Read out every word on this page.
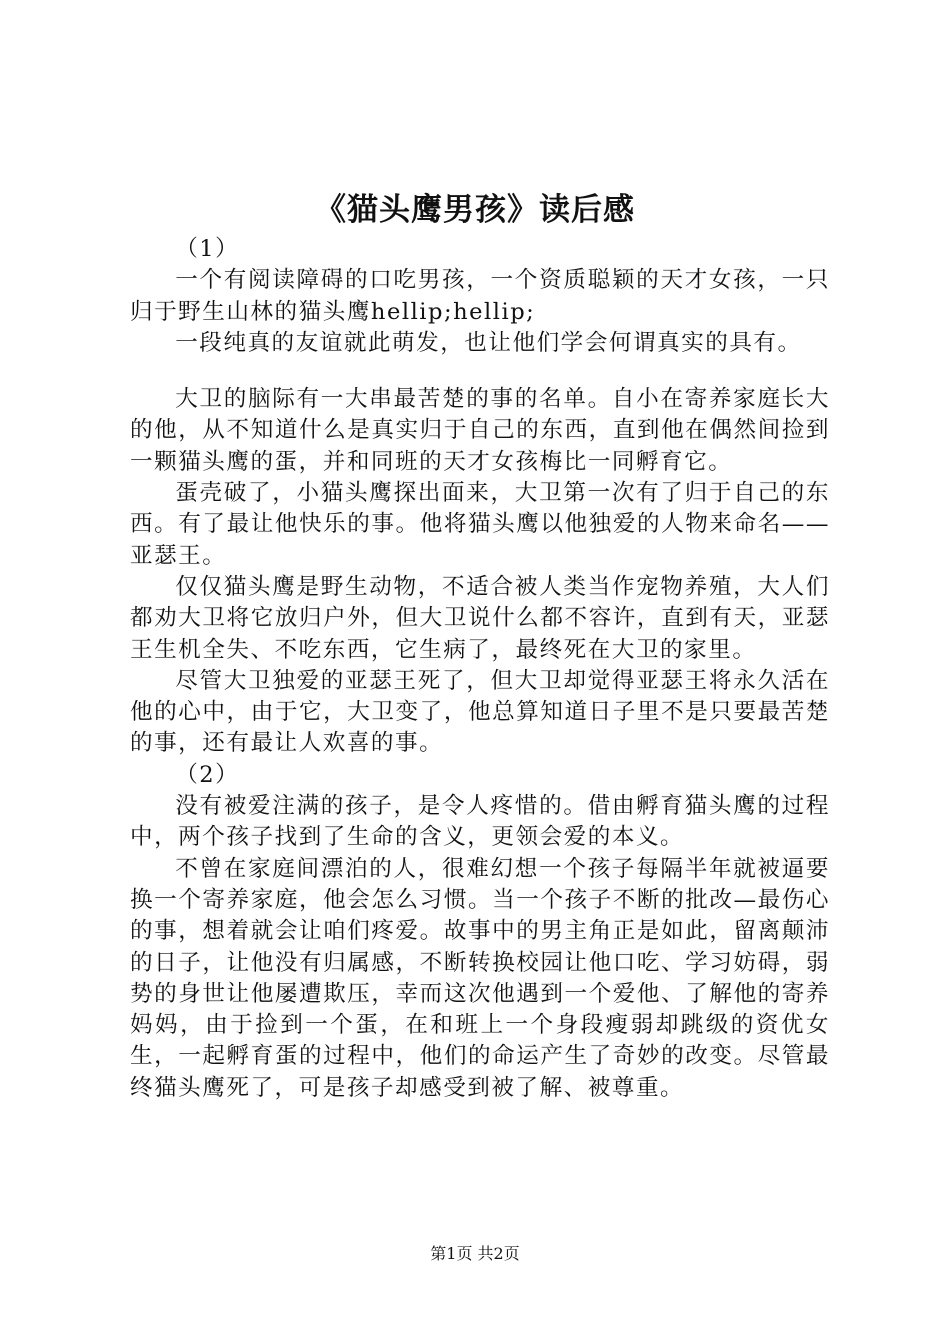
《猫头鹰男孩》读后感

（1）

一个有阅读障碍的口吃男孩，一个资质聪颖的天才女孩，一只归于野生山林的猫头鹰hellip;hellip;

一段纯真的友谊就此萌发，也让他们学会何谓真实的具有。

大卫的脑际有一大串最苦楚的事的名单。自小在寄养家庭长大的他，从不知道什么是真实归于自己的东西，直到他在偶然间捡到一颗猫头鹰的蛋，并和同班的天才女孩梅比一同孵育它。

蛋壳破了，小猫头鹰探出面来，大卫第一次有了归于自己的东西。有了最让他快乐的事。他将猫头鹰以他独爱的人物来命名——亚瑟王。

仅仅猫头鹰是野生动物，不适合被人类当作宠物养殖，大人们都劝大卫将它放归户外，但大卫说什么都不容许，直到有天，亚瑟王生机全失、不吃东西，它生病了，最终死在大卫的家里。

尽管大卫独爱的亚瑟王死了，但大卫却觉得亚瑟王将永久活在他的心中，由于它，大卫变了，他总算知道日子里不是只要最苦楚的事，还有最让人欢喜的事。

（2）

没有被爱注满的孩子，是令人疼惜的。借由孵育猫头鹰的过程中，两个孩子找到了生命的含义，更领会爱的本义。

不曾在家庭间漂泊的人，很难幻想一个孩子每隔半年就被逼要换一个寄养家庭，他会怎么习惯。当一个孩子不断的批改—最伤心的事，想着就会让咱们疼爱。故事中的男主角正是如此，留离颠沛的日子，让他没有归属感，不断转换校园让他口吃、学习妨碍，弱势的身世让他屡遭欺压，幸而这次他遇到一个爱他、了解他的寄养妈妈，由于捡到一个蛋，在和班上一个身段瘦弱却跳级的资优女生，一起孵育蛋的过程中，他们的命运产生了奇妙的改变。尽管最终猫头鹰死了，可是孩子却感受到被了解、被尊重。

第1页 共2页
